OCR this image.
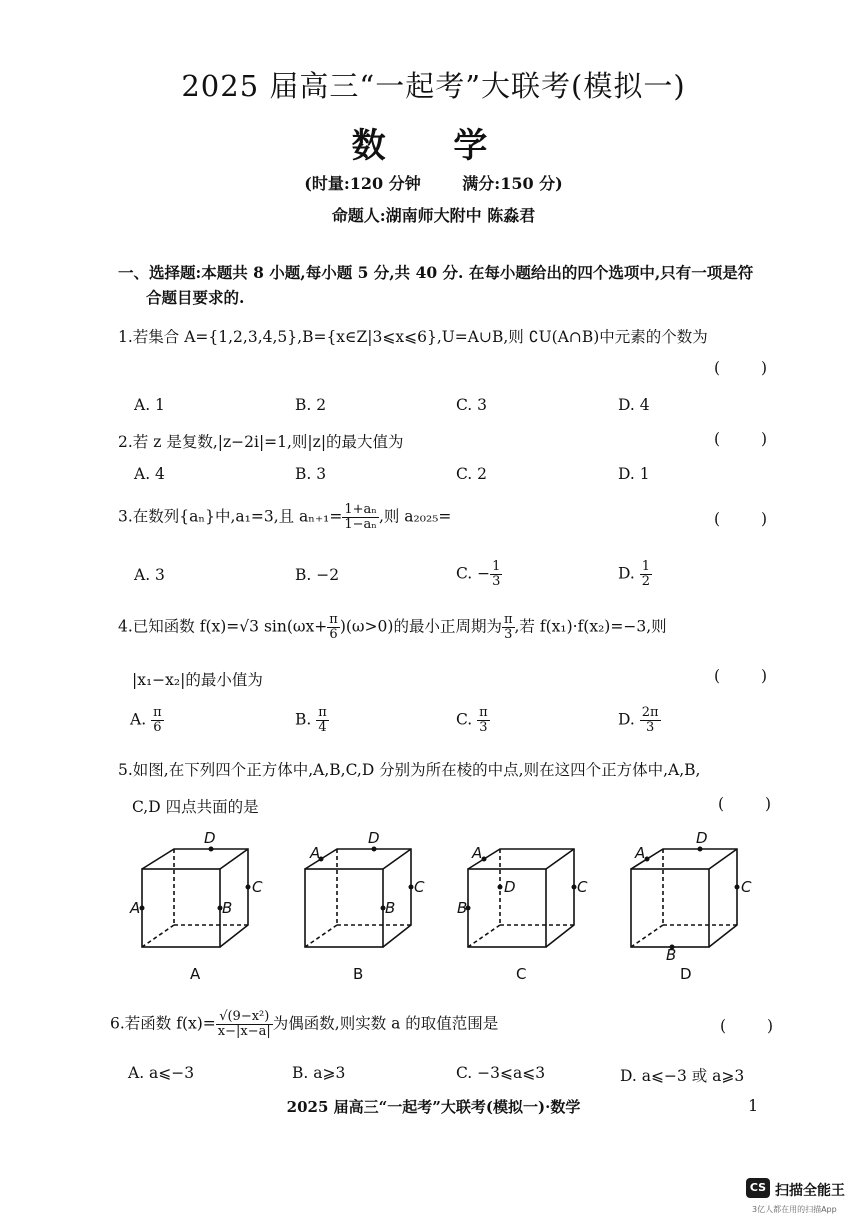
2025 届高三“一起考”大联考(模拟一)
数 学
(时量:120 分钟	满分:150 分)
命题人:湖南师大附中 陈淼君
一、选择题:本题共 8 小题,每小题 5 分,共 40 分. 在每小题给出的四个选项中,只有一项是符
合题目要求的.
1.若集合 A={1,2,3,4,5},B={x∈Z|3⩽x⩽6},U=A∪B,则 ∁U(A∩B)中元素的个数为
( )
A. 1	B. 2	C. 3	D. 4
2.若 z 是复数,|z−2i|=1,则|z|的最大值为	( )
A. 4	B. 3	C. 2	D. 1
3.在数列{aₙ}中,a₁=3,且 $a_{n+1}= \frac{\text{1+aₙ}}{\text{1−aₙ}}$ ,则 a₂₀₂₅=	( )
A. 3	B. −2	C. − $\frac{1}{3}$	D. $\frac{1}{2}$
4.已知函数 f(x)=√3 $\sin(\omega x+ \frac{\pi}{6} )(\omega>0)$的最小正周期为 $\frac{\pi}{3}$ ,若 f(x₁)·f(x₂)=−3,则
|x₁−x₂|的最小值为	( )
A. $\frac{\pi}{6}$	B. $\frac{\pi}{4}$	C. $\frac{\pi}{3}$	D. $\frac{2\pi}{3}$
5.如图,在下列四个正方体中,A,B,C,D 分别为所在棱的中点,则在这四个正方体中,A,B,
C,D 四点共面的是	( )
D
A	B
C
A
D
B
C
A
D
B
C
A
D
C
B
A	B	C	D
6.若函数 $f(x)= \frac{\text{√(9−x²)}}{x-|x-a|}$ 为偶函数,则实数 a 的取值范围是	( )
A. a⩽−3	B. a⩾3	C. −3⩽a⩽3	D. a⩽−3 或 a⩾3
2025 届高三“一起考”大联考(模拟一)·数学	1
CS 扫描全能王
3亿人都在用的扫描App
